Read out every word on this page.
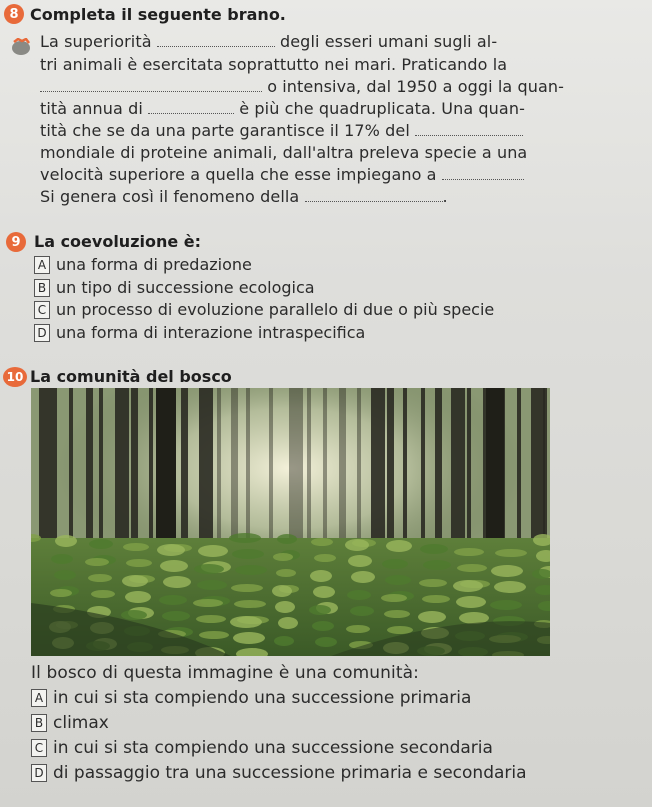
8 Completa il seguente brano.
La superiorità	degli esseri umani sugli al-
tri animali è esercitata soprattutto nei mari. Praticando la
o intensiva, dal 1950 a oggi la quan-
tità annua di	è più che quadruplicata. Una quan-
tità che se da una parte garantisce il 17% del
mondiale di proteine animali, dall'altra preleva specie a una
velocità superiore a quella che esse impiegano a
Si genera così il fenomeno della	.
9 La coevoluzione è:
A una forma di predazione
B un tipo di successione ecologica
C un processo di evoluzione parallelo di due o più specie
D una forma di interazione intraspecifica
10 La comunità del bosco
Il bosco di questa immagine è una comunità:
A in cui si sta compiendo una successione primaria
B climax
C in cui si sta compiendo una successione secondaria
D di passaggio tra una successione primaria e secondaria
